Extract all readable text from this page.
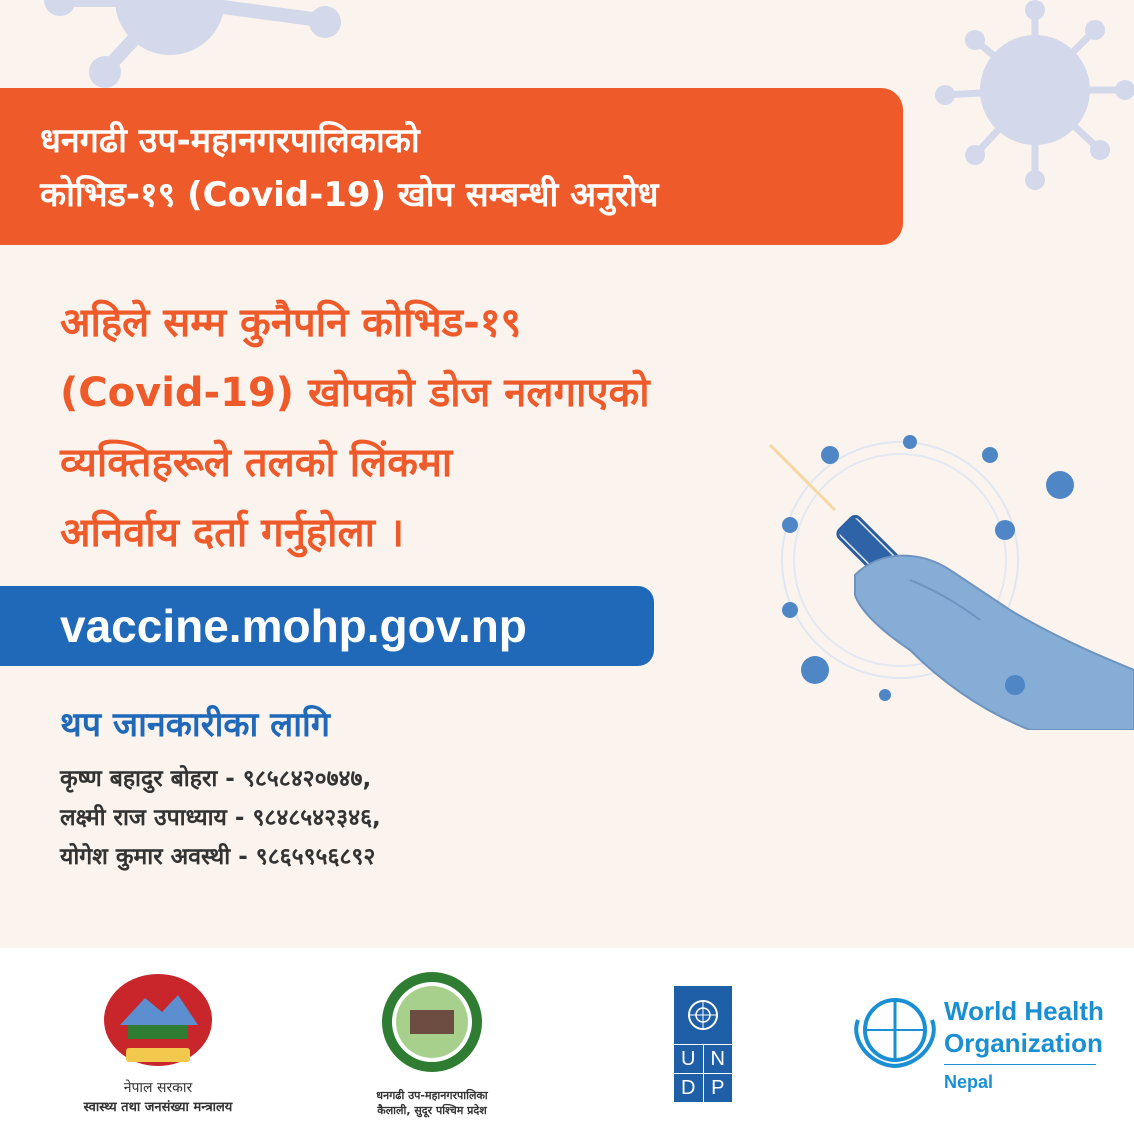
धनगढी उप-महानगरपालिकाको
कोभिड-१९ (Covid-19) खोप सम्बन्धी अनुरोध
अहिले सम्म कुनैपनि कोभिड-१९
(Covid-19) खोपको डोज नलगाएको
व्यक्तिहरूले तलको लिंकमा
अनिर्वाय दर्ता गर्नुहोला ।
vaccine.mohp.gov.np
थप जानकारीका लागि
कृष्ण बहादुर बोहरा - ९८५८४२०७४७,
लक्ष्मी राज उपाध्याय - ९८४८५४२३४६,
योगेश कुमार अवस्थी - ९८६५९५६८९२
नेपाल सरकार
स्वास्थ्य तथा जनसंख्या मन्त्रालय
धनगढी उप-महानगरपालिका
कैलाली, सुदूर पश्चिम प्रदेश
U N
D P
World Health
Organization
Nepal
